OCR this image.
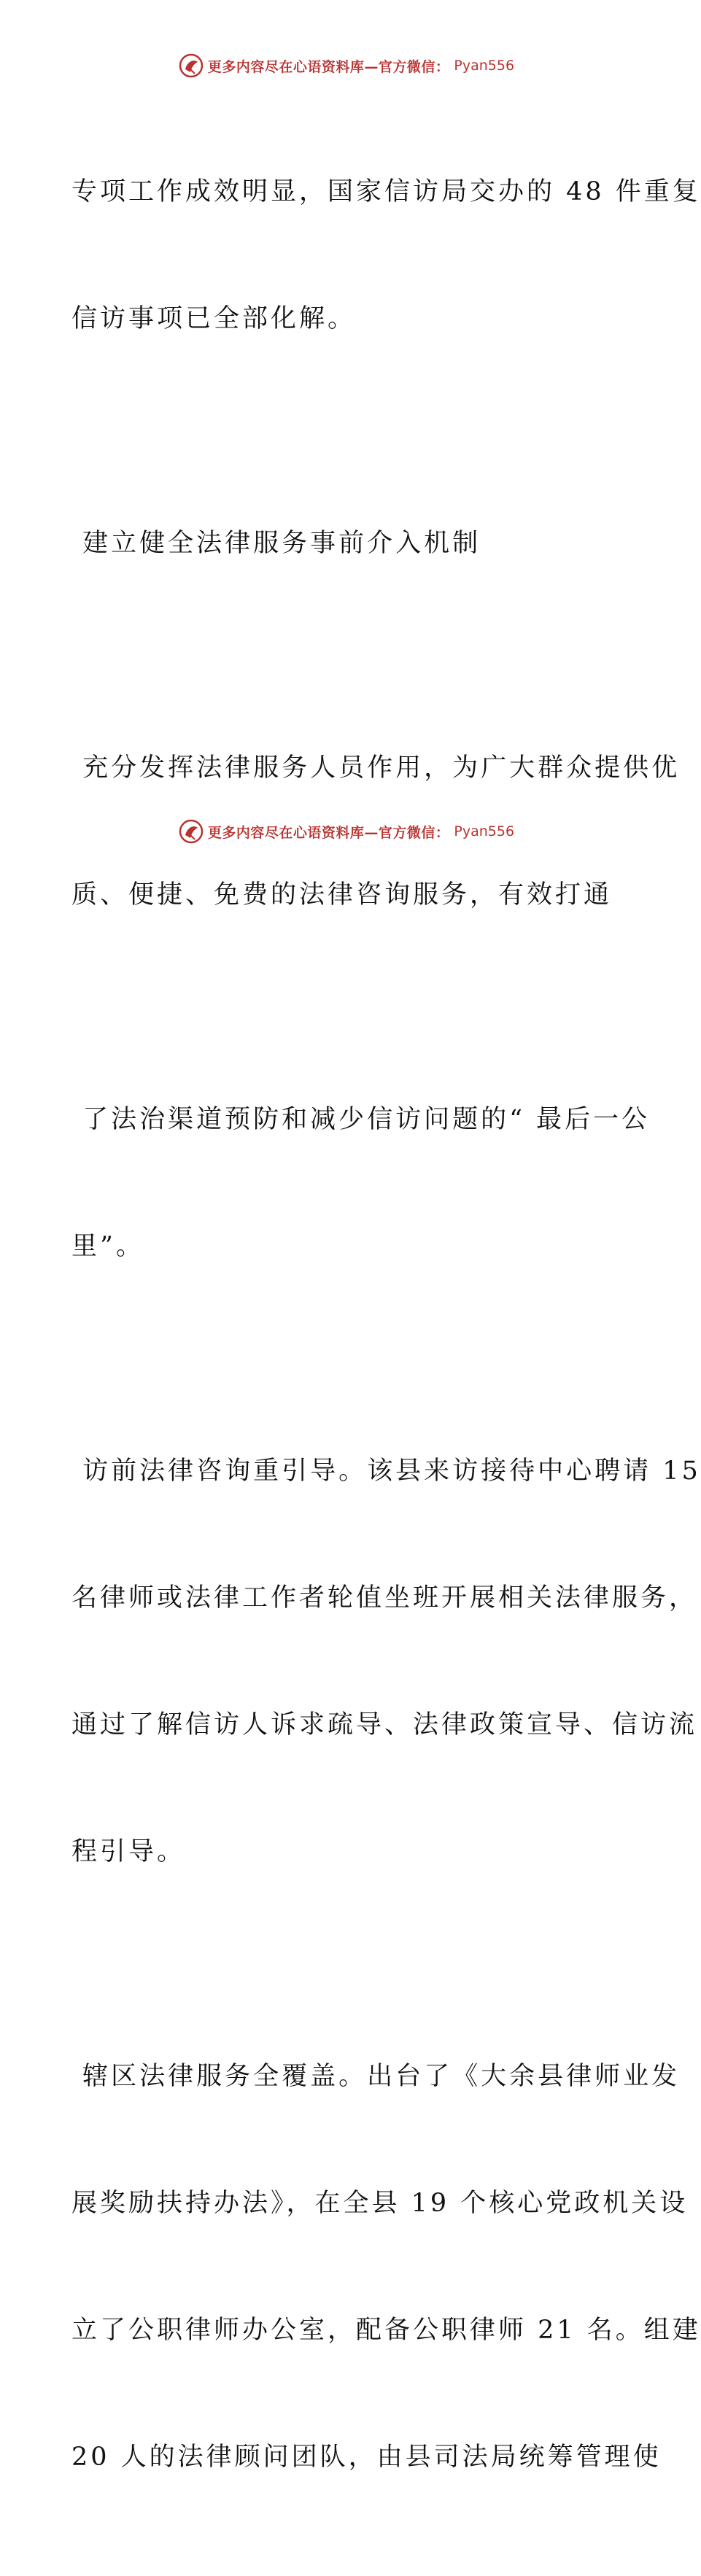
更多内容尽在心语资料库—官方微信： Pyan556

专项工作成效明显，国家信访局交办的 48 件重复

信访事项已全部化解。

建立健全法律服务事前介入机制

充分发挥法律服务人员作用，为广大群众提供优

质、便捷、免费的法律咨询服务，有效打通

了法治渠道预防和减少信访问题的“ 最后一公

里”。

访前法律咨询重引导。该县来访接待中心聘请 15

名律师或法律工作者轮值坐班开展相关法律服务，

通过了解信访人诉求疏导、法律政策宣导、信访流

程引导。

辖区法律服务全覆盖。出台了《大余县律师业发

展奖励扶持办法》，在全县 19 个核心党政机关设

立了公职律师办公室，配备公职律师 21 名。组建

20 人的法律顾问团队，由县司法局统筹管理使

更多内容尽在心语资料库—官方微信： Pyan556
